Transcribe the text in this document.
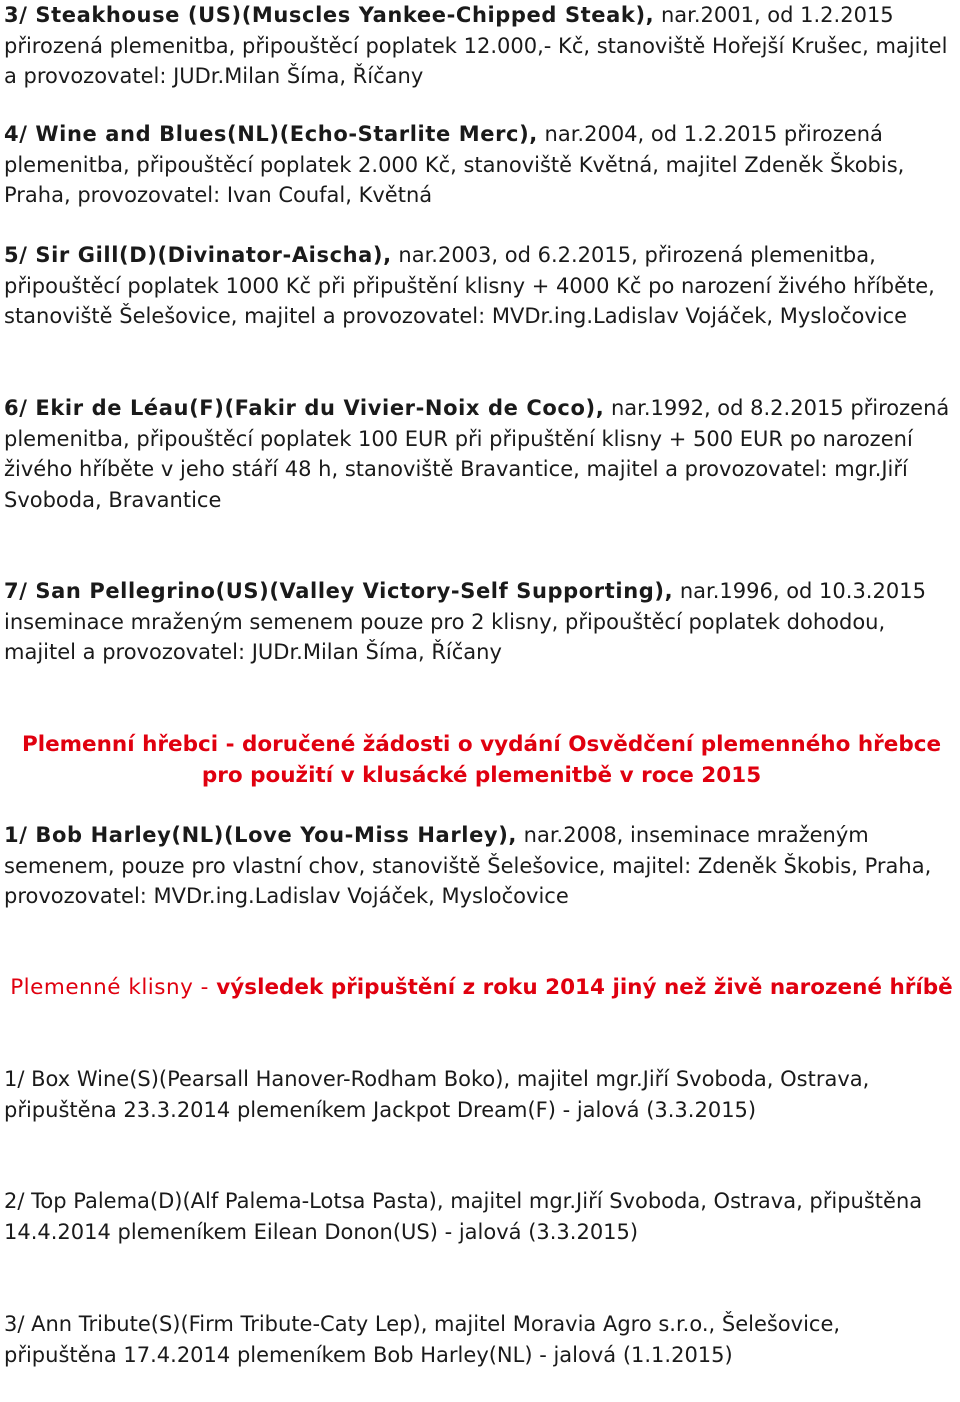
3/ Steakhouse (US)(Muscles Yankee-Chipped Steak), nar.2001, od 1.2.2015 přirozená plemenitba, připouštěcí poplatek 12.000,- Kč, stanoviště Hořejší Krušec, majitel a provozovatel: JUDr.Milan Šíma, Říčany

4/ Wine and Blues(NL)(Echo-Starlite Merc), nar.2004, od 1.2.2015 přirozená plemenitba, připouštěcí poplatek 2.000 Kč, stanoviště Květná, majitel Zdeněk Škobis, Praha, provozovatel: Ivan Coufal, Květná

5/ Sir Gill(D)(Divinator-Aischa), nar.2003, od 6.2.2015, přirozená plemenitba, připouštěcí poplatek 1000 Kč při připuštění klisny + 4000 Kč po narození živého hříběte, stanoviště Šelešovice, majitel a provozovatel: MVDr.ing.Ladislav Vojáček, Mysločovice

6/ Ekir de Léau(F)(Fakir du Vivier-Noix de Coco), nar.1992, od 8.2.2015 přirozená plemenitba, připouštěcí poplatek 100 EUR při připuštění klisny + 500 EUR po narození živého hříběte v jeho stáří 48 h, stanoviště Bravantice, majitel a provozovatel: mgr.Jiří Svoboda, Bravantice

7/ San Pellegrino(US)(Valley Victory-Self Supporting), nar.1996, od 10.3.2015 inseminace mraženým semenem pouze pro 2 klisny, připouštěcí poplatek dohodou, majitel a provozovatel: JUDr.Milan Šíma, Říčany

Plemenní hřebci - doručené žádosti o vydání Osvědčení plemenného hřebce pro použití v klusácké plemenitbě v roce 2015

1/ Bob Harley(NL)(Love You-Miss Harley), nar.2008, inseminace mraženým semenem, pouze pro vlastní chov, stanoviště Šelešovice, majitel: Zdeněk Škobis, Praha, provozovatel: MVDr.ing.Ladislav Vojáček, Mysločovice

Plemenné klisny - výsledek připuštění z roku 2014 jiný než živě narozené hříbě

1/ Box Wine(S)(Pearsall Hanover-Rodham Boko), majitel mgr.Jiří Svoboda, Ostrava, připuštěna 23.3.2014 plemeníkem Jackpot Dream(F) - jalová (3.3.2015)

2/ Top Palema(D)(Alf Palema-Lotsa Pasta), majitel mgr.Jiří Svoboda, Ostrava, připuštěna 14.4.2014 plemeníkem Eilean Donon(US) - jalová (3.3.2015)

3/ Ann Tribute(S)(Firm Tribute-Caty Lep), majitel Moravia Agro s.r.o., Šelešovice, připuštěna 17.4.2014 plemeníkem Bob Harley(NL) - jalová (1.1.2015)
